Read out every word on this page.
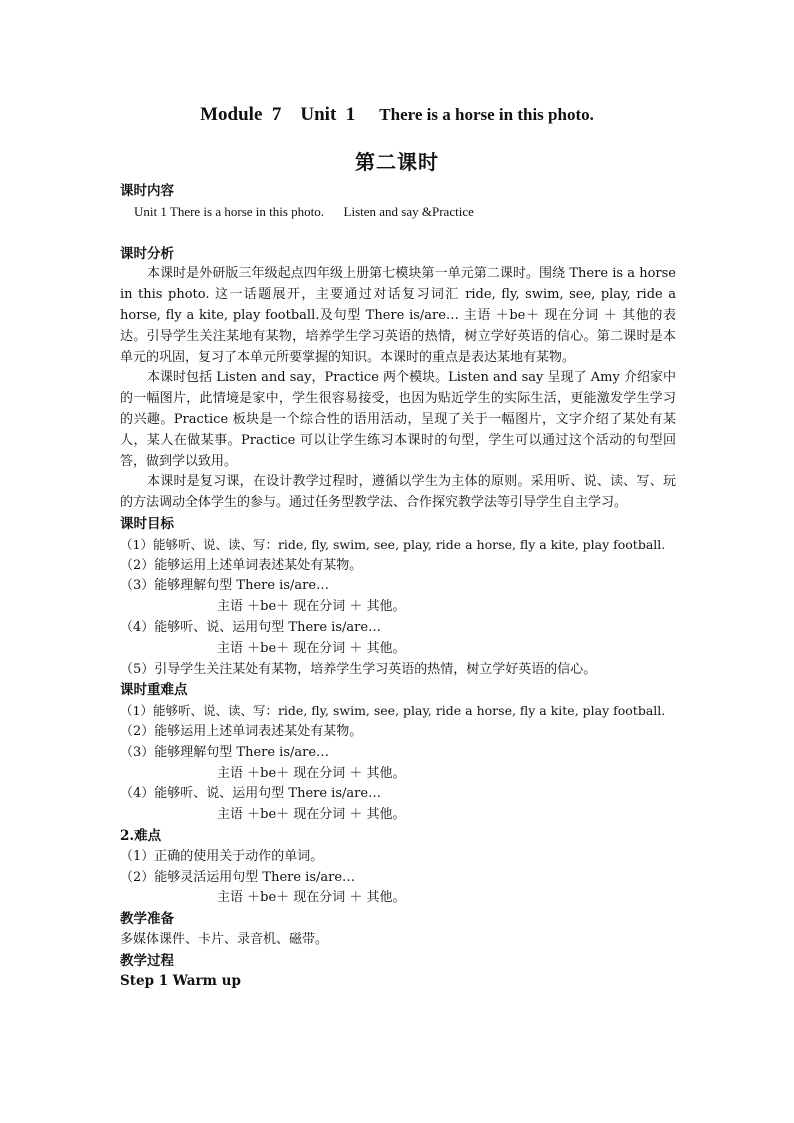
Module  7    Unit  1 There is a horse in this photo.
第二课时
课时内容
Unit 1 There is a horse in this photo.      Listen and say &Practice
课时分析
本课时是外研版三年级起点四年级上册第七模块第一单元第二课时。围绕 There is a horse in this photo. 这一话题展开，主要通过对话复习词汇 ride, fly, swim, see, play, ride a horse, fly a kite, play football.及句型 There is/are… 主语 ＋be＋ 现在分词 ＋ 其他的表达。引导学生关注某地有某物，培养学生学习英语的热情，树立学好英语的信心。第二课时是本单元的巩固，复习了本单元所要掌握的知识。本课时的重点是表达某地有某物。
本课时包括 Listen and say，Practice 两个模块。Listen and say 呈现了 Amy 介绍家中的一幅图片，此情境是家中，学生很容易接受，也因为贴近学生的实际生活，更能激发学生学习的兴趣。Practice 板块是一个综合性的语用活动，呈现了关于一幅图片，文字介绍了某处有某人，某人在做某事。Practice 可以让学生练习本课时的句型，学生可以通过这个活动的句型回答，做到学以致用。
本课时是复习课，在设计教学过程时，遵循以学生为主体的原则。采用听、说、读、写、玩的方法调动全体学生的参与。通过任务型教学法、合作探究教学法等引导学生自主学习。
课时目标
（1）能够听、说、读、写：ride, fly, swim, see, play, ride a horse, fly a kite, play football.
（2）能够运用上述单词表述某处有某物。
（3）能够理解句型 There is/are…
主语 ＋be＋ 现在分词 ＋ 其他。
（4）能够听、说、运用句型 There is/are…
主语 ＋be＋ 现在分词 ＋ 其他。
（5）引导学生关注某处有某物，培养学生学习英语的热情，树立学好英语的信心。
课时重难点
（1）能够听、说、读、写：ride, fly, swim, see, play, ride a horse, fly a kite, play football.
（2）能够运用上述单词表述某处有某物。
（3）能够理解句型 There is/are…
主语 ＋be＋ 现在分词 ＋ 其他。
（4）能够听、说、运用句型 There is/are…
主语 ＋be＋ 现在分词 ＋ 其他。
2.难点
（1）正确的使用关于动作的单词。
（2）能够灵活运用句型 There is/are…
主语 ＋be＋ 现在分词 ＋ 其他。
教学准备
多媒体课件、卡片、录音机、磁带。
教学过程
Step 1 Warm up
